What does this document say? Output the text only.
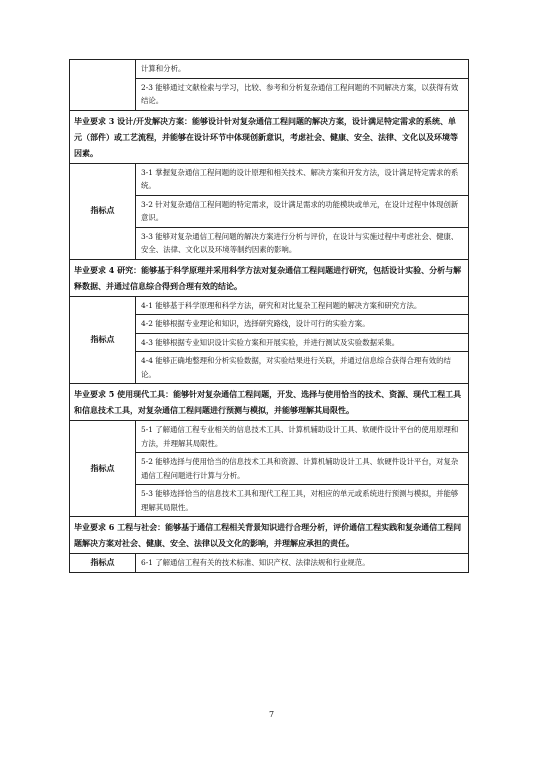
	计算和分析。
	2-3 能够通过文献检索与学习，比较、参考和分析复杂通信工程问题的不同解决方案，以获得有效结论。
毕业要求 3 设计/开发解决方案：能够设计针对复杂通信工程问题的解决方案，设计满足特定需求的系统、单元（部件）或工艺流程，并能够在设计环节中体现创新意识，考虑社会、健康、安全、法律、文化以及环境等因素。	
指标点	3-1 掌握复杂通信工程问题的设计原理和相关技术、解决方案和开发方法，设计满足特定需求的系统。
	3-2 针对复杂通信工程问题的特定需求，设计满足需求的功能模块或单元，在设计过程中体现创新意识。
	3-3 能够对复杂通信工程问题的解决方案进行分析与评价，在设计与实施过程中考虑社会、健康、安全、法律、文化以及环境等制约因素的影响。
毕业要求 4 研究：能够基于科学原理并采用科学方法对复杂通信工程问题进行研究，包括设计实验、分析与解释数据、并通过信息综合得到合理有效的结论。	
指标点	4-1 能够基于科学原理和科学方法，研究和对比复杂工程问题的解决方案和研究方法。
	4-2 能够根据专业理论和知识，选择研究路线，设计可行的实验方案。
	4-3 能够根据专业知识设计实验方案和开展实验，并进行测试及实验数据采集。
	4-4 能够正确地整理和分析实验数据，对实验结果进行关联，并通过信息综合获得合理有效的结论。
毕业要求 5 使用现代工具：能够针对复杂通信工程问题，开发、选择与使用恰当的技术、资源、现代工程工具和信息技术工具，对复杂通信工程问题进行预测与模拟，并能够理解其局限性。	
指标点	5-1 了解通信工程专业相关的信息技术工具、计算机辅助设计工具、软硬件设计平台的使用原理和方法，并理解其局限性。
	5-2 能够选择与使用恰当的信息技术工具和资源、计算机辅助设计工具、软硬件设计平台，对复杂通信工程问题进行计算与分析。
	5-3 能够选择恰当的信息技术工具和现代工程工具，对相应的单元或系统进行预测与模拟，并能够理解其局限性。
毕业要求 6 工程与社会：能够基于通信工程相关背景知识进行合理分析，评价通信工程实践和复杂通信工程问题解决方案对社会、健康、安全、法律以及文化的影响，并理解应承担的责任。	
指标点	6-1 了解通信工程有关的技术标准、知识产权、法律法规和行业规范。
7
